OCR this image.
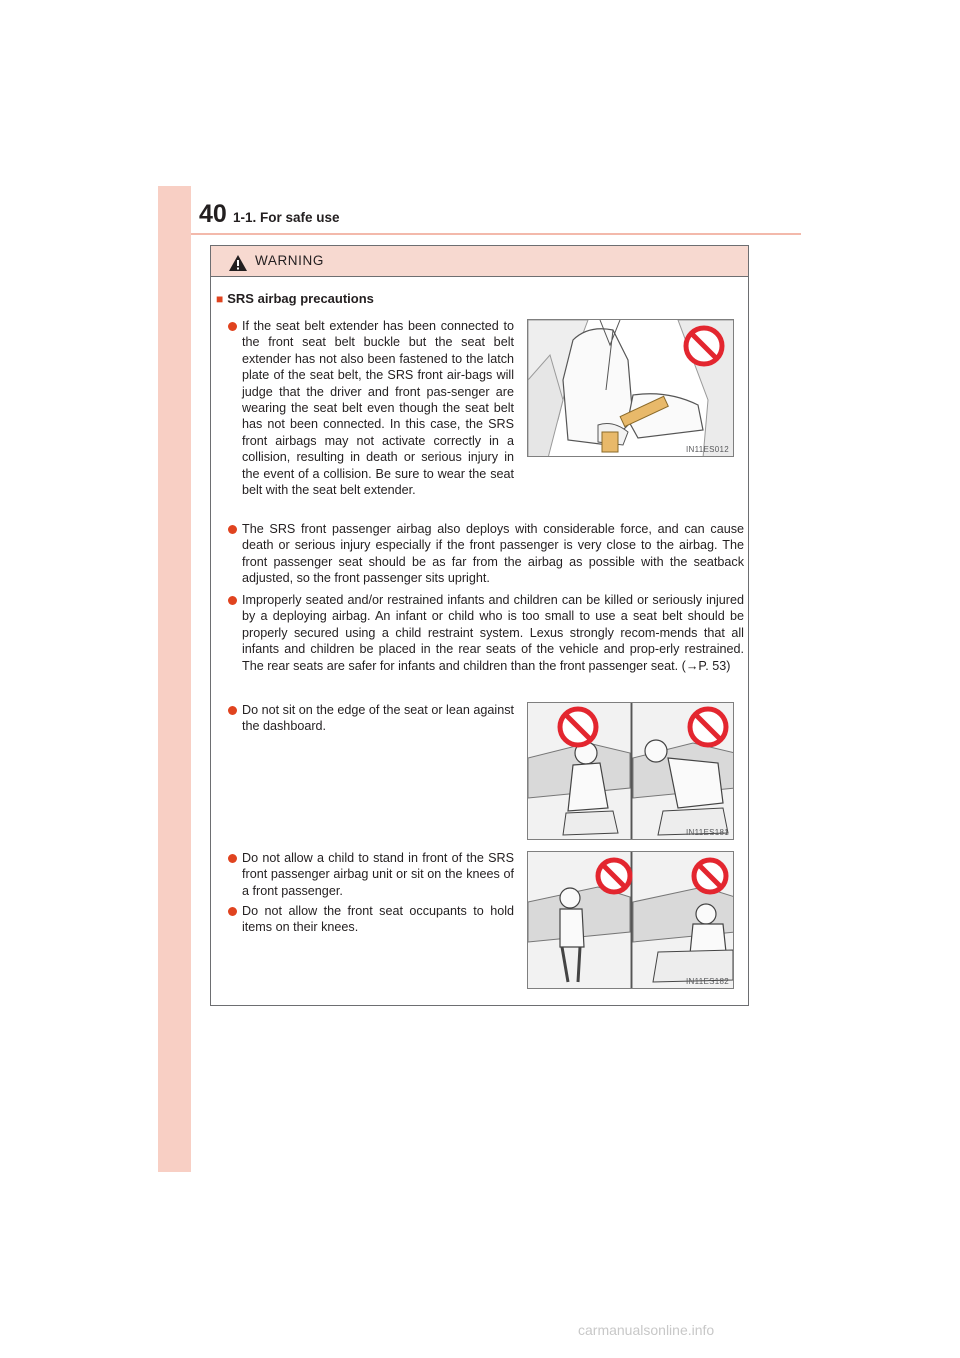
40 1-1. For safe use
WARNING
■ SRS airbag precautions
If the seat belt extender has been connected to the front seat belt buckle but the seat belt extender has not also been fastened to the latch plate of the seat belt, the SRS front air-bags will judge that the driver and front pas-senger are wearing the seat belt even though the seat belt has not been connected. In this case, the SRS front airbags may not activate correctly in a collision, resulting in death or serious injury in the event of a collision. Be sure to wear the seat belt with the seat belt extender.
IN11ES012
The SRS front passenger airbag also deploys with considerable force, and can cause death or serious injury especially if the front passenger is very close to the airbag. The front passenger seat should be as far from the airbag as possible with the seatback adjusted, so the front passenger sits upright.
Improperly seated and/or restrained infants and children can be killed or seriously injured by a deploying airbag. An infant or child who is too small to use a seat belt should be properly secured using a child restraint system. Lexus strongly recom-mends that all infants and children be placed in the rear seats of the vehicle and prop-erly restrained. The rear seats are safer for infants and children than the front passenger seat. (→P. 53)
Do not sit on the edge of the seat or lean against the dashboard.
IN11ES181
Do not allow a child to stand in front of the SRS front passenger airbag unit or sit on the knees of a front passenger.
Do not allow the front seat occupants to hold items on their knees.
IN11ES182
carmanualsonline.info
